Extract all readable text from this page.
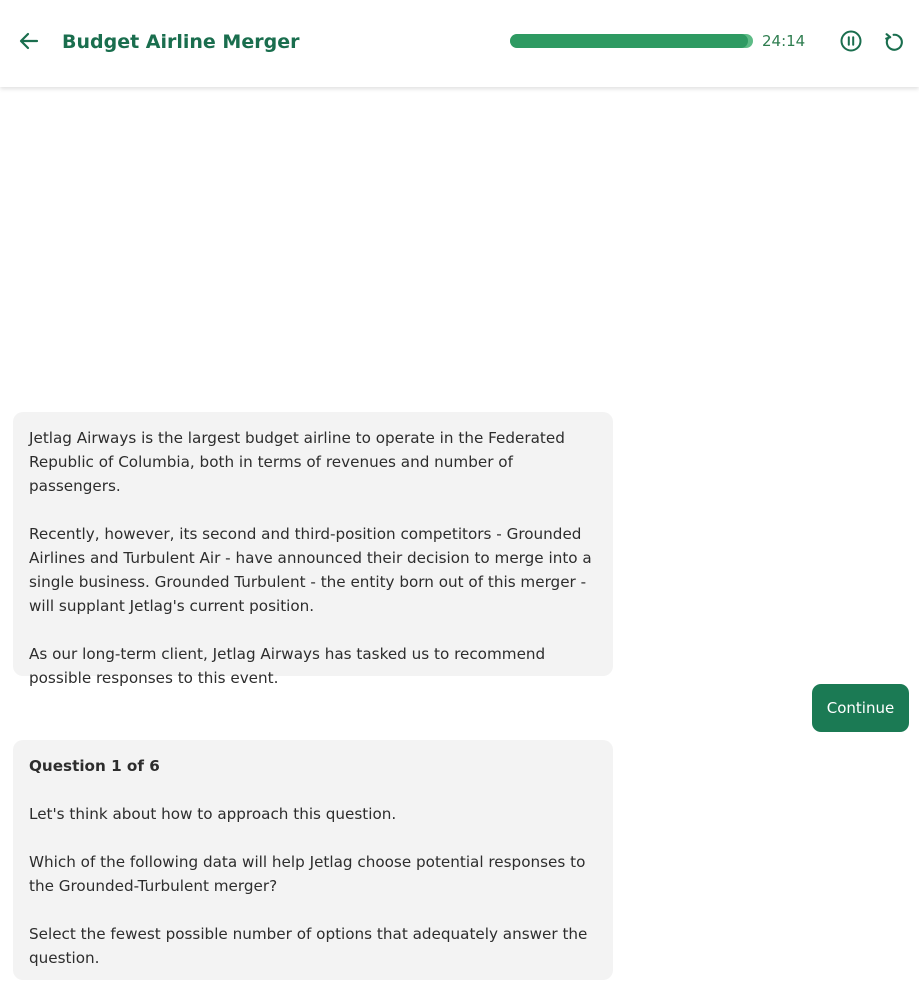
Budget Airline Merger	24:14

Jetlag Airways is the largest budget airline to operate in the Federated Republic of Columbia, both in terms of revenues and number of passengers.

Recently, however, its second and third-position competitors - Grounded Airlines and Turbulent Air - have announced their decision to merge into a single business. Grounded Turbulent - the entity born out of this merger - will supplant Jetlag's current position.

As our long-term client, Jetlag Airways has tasked us to recommend possible responses to this event.

Continue

Question 1 of 6

Let's think about how to approach this question.

Which of the following data will help Jetlag choose potential responses to the Grounded-Turbulent merger?

Select the fewest possible number of options that adequately answer the question.
